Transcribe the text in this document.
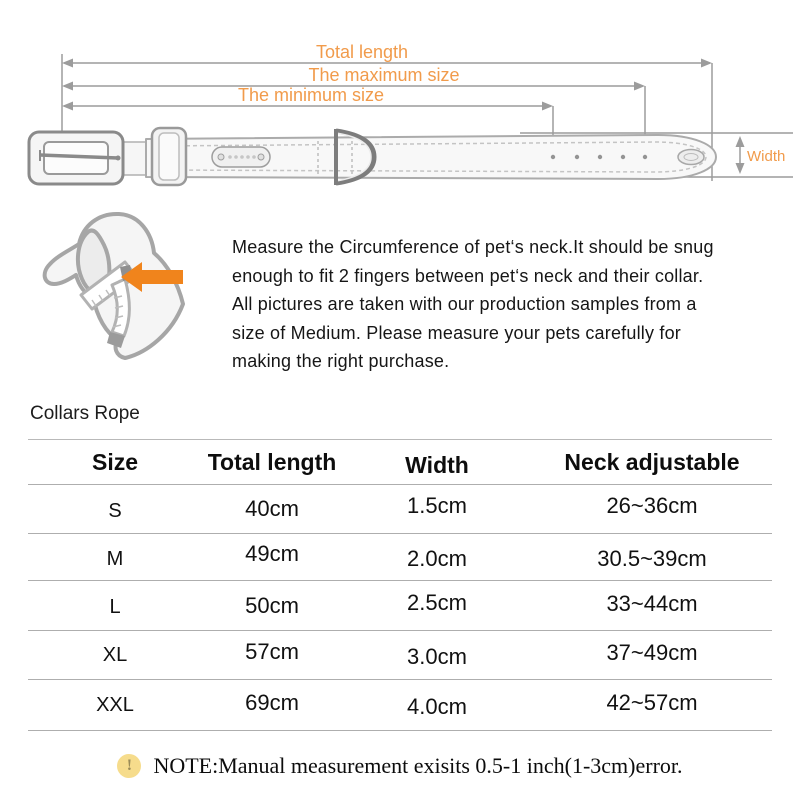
Total length
The maximum size
The minimum size
Width
Measure the Circumference of pet‘s neck.It should be snug
enough to fit 2 fingers between pet‘s neck and their collar.
All pictures are taken with our production samples from a
size of Medium. Please measure your pets carefully for
making the right purchase.
Collars Rope
Size	Total length	Width	Neck adjustable
S	40cm	1.5cm	26~36cm
M	49cm	2.0cm	30.5~39cm
L	50cm	2.5cm	33~44cm
XL	57cm	3.0cm	37~49cm
XXL	69cm	4.0cm	42~57cm
! NOTE:Manual measurement exisits 0.5-1 inch(1-3cm)error.
